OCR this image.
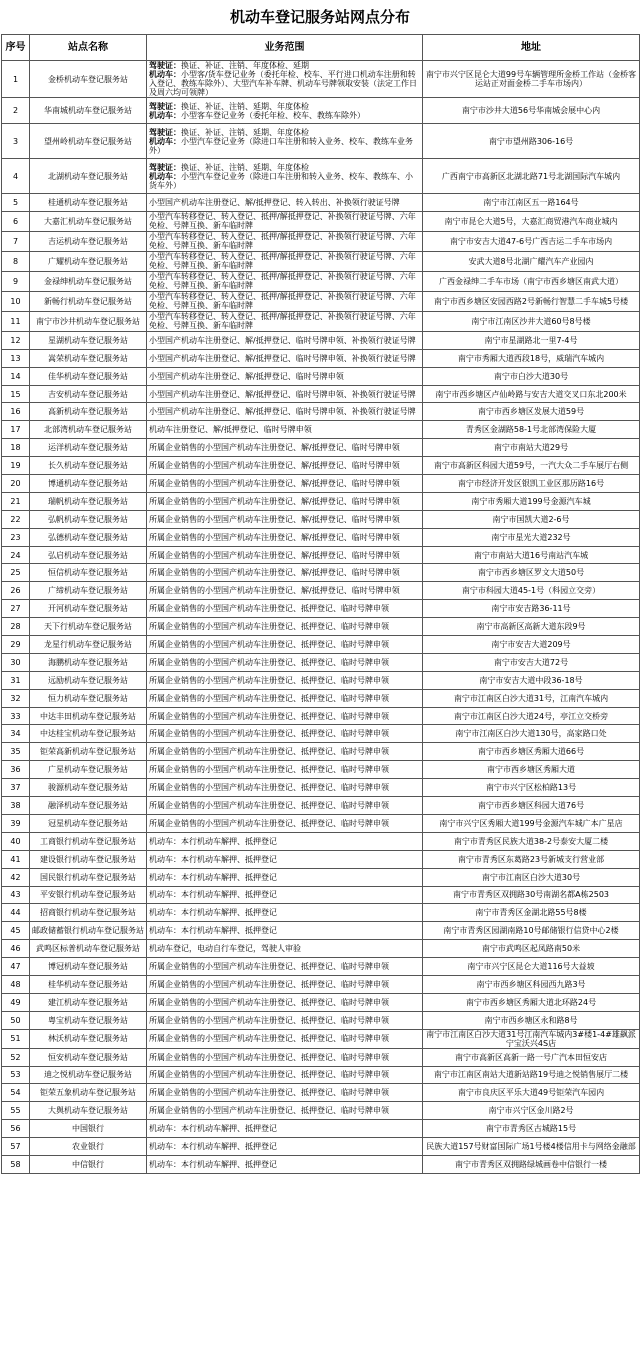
机动车登记服务站网点分布
序号	站点名称	业务范围	地址
1	金桥机动车登记服务站	驾驶证：换证、补证、注销、年度体检、延期
机动车：小型客/货车登记业务（委托年检、校车、平行进口机动车注册和转入登记、教练车除外）、大型汽车补车牌、机动车号牌领取安装（法定工作日及周六均可领牌）	南宁市兴宁区昆仑大道99号车辆管理所金桥工作站（金桥客运站正对面金桥二手车市场内）
2	华南城机动车登记服务站	驾驶证：换证、补证、注销、延期、年度体检
机动车：小型客车登记业务（委托年检、校车、教练车除外）	南宁市沙井大道56号华南城会展中心内
3	望州岭机动车登记服务站	驾驶证：换证、补证、注销、延期、年度体检
机动车：小型汽车登记业务（除进口车注册和转入业务、校车、教练车业务外）	南宁市望州路306-16号
4	北湖机动车登记服务站	驾驶证：换证、补证、注销、延期、年度体检
机动车：小型汽车登记业务（除进口车注册和转入业务、校车、教练车、小货车外）	广西南宁市高新区北湖北路71号北湖国际汽车城内
5	桂通机动车登记服务站	小型国产机动车注册登记、解/抵押登记、转入转出、补换领行驶证号牌	南宁市江南区五一路164号
6	大嘉汇机动车登记服务站	小型汽车转移登记、转入登记、抵押/解抵押登记、补换领行驶证号牌、六年免检、号牌互换、新车临时牌	南宁市昆仑大道5号，大嘉汇商贸港汽车商业城内
7	吉运机动车登记服务站	小型汽车转移登记、转入登记、抵押/解抵押登记、补换领行驶证号牌、六年免检、号牌互换、新车临时牌	南宁市安吉大道47-6号广西吉运二手车市场内
8	广耀机动车登记服务站	小型汽车转移登记、转入登记、抵押/解抵押登记、补换领行驶证号牌、六年免检、号牌互换、新车临时牌	安武大道8号北湖广耀汽车产业园内
9	金禄绅机动车登记服务站	小型汽车转移登记、转入登记、抵押/解抵押登记、补换领行驶证号牌、六年免检、号牌互换、新车临时牌	广西金禄绅二手车市场（南宁市西乡塘区南武大道）
10	新畅行机动车登记服务站	小型汽车转移登记、转入登记、抵押/解抵押登记、补换领行驶证号牌、六年免检、号牌互换、新车临时牌	南宁市西乡塘区安园西路2号新畅行智慧二手车城5号楼
11	南宁市沙井机动车登记服务站	小型汽车转移登记、转入登记、抵押/解抵押登记、补换领行驶证号牌、六年免检、号牌互换、新车临时牌	南宁市江南区沙井大道60号8号楼
12	星湖机动车登记服务站	小型国产机动车注册登记、解/抵押登记、临时号牌申领、补换领行驶证号牌	南宁市星湖路北一里7-4号
13	嵩荣机动车登记服务站	小型国产机动车注册登记、解/抵押登记、临时号牌申领、补换领行驶证号牌	南宁市秀厢大道西段18号，威瑞汽车城内
14	佳华机动车登记服务站	小型国产机动车注册登记、解/抵押登记、临时号牌申领	南宁市白沙大道30号
15	吉安机动车登记服务站	小型国产机动车注册登记、解/抵押登记、临时号牌申领、补换领行驶证号牌	南宁市西乡塘区卢仙岭路与安吉大道交叉口东北200米
16	高新机动车登记服务站	小型国产机动车注册登记、解/抵押登记、临时号牌申领、补换领行驶证号牌	南宁市西乡塘区发展大道59号
17	北部湾机动车登记服务站	机动车注册登记、解/抵押登记、临时号牌申领	青秀区金湖路58-1号北部湾保险大厦
18	运洋机动车登记服务站	所属企业销售的小型国产机动车注册登记、解/抵押登记、临时号牌申领	南宁市南站大道29号
19	长久机动车登记服务站	所属企业销售的小型国产机动车注册登记、解/抵押登记、临时号牌申领	南宁市高新区科园大道59号，一汽大众二手车展厅右侧
20	博通机动车登记服务站	所属企业销售的小型国产机动车注册登记、解/抵押登记、临时号牌申领	南宁市经济开发区银凯工业区那历路16号
21	瑞帆机动车登记服务站	所属企业销售的小型国产机动车注册登记、解/抵押登记、临时号牌申领	南宁市秀厢大道199号金源汽车城
22	弘帆机动车登记服务站	所属企业销售的小型国产机动车注册登记、解/抵押登记、临时号牌申领	南宁市国凯大道2-6号
23	弘德机动车登记服务站	所属企业销售的小型国产机动车注册登记、解/抵押登记、临时号牌申领	南宁市星光大道232号
24	弘启机动车登记服务站	所属企业销售的小型国产机动车注册登记、解/抵押登记、临时号牌申领	南宁市南站大道16号南站汽车城
25	恒信机动车登记服务站	所属企业销售的小型国产机动车注册登记、解/抵押登记、临时号牌申领	南宁市西乡塘区罗文大道50号
26	广缔机动车登记服务站	所属企业销售的小型国产机动车注册登记、解/抵押登记、临时号牌申领	南宁市科园大道45-1号（科园立交旁）
27	开河机动车登记服务站	所属企业销售的小型国产机动车注册登记、抵押登记、临时号牌申领	南宁市安吉路36-11号
28	天下行机动车登记服务站	所属企业销售的小型国产机动车注册登记、抵押登记、临时号牌申领	南宁市高新区高新大道东段9号
29	龙星行机动车登记服务站	所属企业销售的小型国产机动车注册登记、抵押登记、临时号牌申领	南宁市安吉大道209号
30	海鹏机动车登记服务站	所属企业销售的小型国产机动车注册登记、抵押登记、临时号牌申领	南宁市安吉大道72号
31	远励机动车登记服务站	所属企业销售的小型国产机动车注册登记、抵押登记、临时号牌申领	南宁市安吉大道中段36-18号
32	恒力机动车登记服务站	所属企业销售的小型国产机动车注册登记、抵押登记、临时号牌申领	南宁市江南区白沙大道31号，江南汽车城内
33	中达丰田机动车登记服务站	所属企业销售的小型国产机动车注册登记、抵押登记、临时号牌申领	南宁市江南区白沙大道24号，亭江立交桥旁
34	中达桂宝机动车登记服务站	所属企业销售的小型国产机动车注册登记、抵押登记、临时号牌申领	南宁市江南区白沙大道130号，高家路口处
35	钜荣高新机动车登记服务站	所属企业销售的小型国产机动车注册登记、抵押登记、临时号牌申领	南宁市西乡塘区秀厢大道66号
36	广星机动车登记服务站	所属企业销售的小型国产机动车注册登记、抵押登记、临时号牌申领	南宁市西乡塘区秀厢大道
37	骏源机动车登记服务站	所属企业销售的小型国产机动车注册登记、抵押登记、临时号牌申领	南宁市兴宁区松柏路13号
38	融泽机动车登记服务站	所属企业销售的小型国产机动车注册登记、抵押登记、临时号牌申领	南宁市西乡塘区科园大道76号
39	冠星机动车登记服务站	所属企业销售的小型国产机动车注册登记、抵押登记、临时号牌申领	南宁市兴宁区秀厢大道199号金源汽车城广本广星店
40	工商银行机动车登记服务站	机动车：本行机动车解押、抵押登记	南宁市青秀区民族大道38-2号泰安大厦二楼
41	建设银行机动车登记服务站	机动车：本行机动车解押、抵押登记	南宁市青秀区东葛路23号新城支行营业部
42	国民银行机动车登记服务站	机动车：本行机动车解押、抵押登记	南宁市江南区白沙大道30号
43	平安银行机动车登记服务站	机动车：本行机动车解押、抵押登记	南宁市青秀区双拥路30号南湖名都A栋2503
44	招商银行机动车登记服务站	机动车：本行机动车解押、抵押登记	南宁市青秀区金湖北路55号8楼
45	邮政储蓄银行机动车登记服务站	机动车：本行机动车解押、抵押登记	南宁市青秀区园湖南路10号邮储银行信贷中心2楼
46	武鸣区标普机动车登记服务站	机动车登记，电动自行车登记，驾驶人审验	南宁市武鸣区起凤路南50米
47	博冠机动车登记服务站	所属企业销售的小型国产机动车注册登记、抵押登记、临时号牌申领	南宁市兴宁区昆仑大道116号大益坡
48	桂华机动车登记服务站	所属企业销售的小型国产机动车注册登记、抵押登记、临时号牌申领	南宁市西乡塘区科园西九路3号
49	建江机动车登记服务站	所属企业销售的小型国产机动车注册登记、抵押登记、临时号牌申领	南宁市西乡塘区秀厢大道北环路24号
50	粤宝机动车登记服务站	所属企业销售的小型国产机动车注册登记、抵押登记、临时号牌申领	南宁市西乡塘区永和路8号
51	林沃机动车登记服务站	所属企业销售的小型国产机动车注册登记、抵押登记、临时号牌申领	南宁市江南区白沙大道31号江南汽车城内3#楼1-4#雄飙派宁宝沃兴4S店
52	恒安机动车登记服务站	所属企业销售的小型国产机动车注册登记、抵押登记、临时号牌申领	南宁市高新区高新一路一号广汽本田恒安店
53	迪之悦机动车登记服务站	所属企业销售的小型国产机动车注册登记、抵押登记、临时号牌申领	南宁市江南区南站大道新站路19号迪之悦销售展厅二楼
54	钜荣五象机动车登记服务站	所属企业销售的小型国产机动车注册登记、抵押登记、临时号牌申领	南宁市良庆区平乐大道49号钜荣汽车园内
55	大舆机动车登记服务站	所属企业销售的小型国产机动车注册登记、抵押登记、临时号牌申领	南宁市兴宁区金川路2号
56	中国银行	机动车：本行机动车解押、抵押登记	南宁市青秀区古城路15号
57	农业银行	机动车：本行机动车解押、抵押登记	民族大道157号财富国际广场1号楼4楼信用卡与网络金融部
58	中信银行	机动车：本行机动车解押、抵押登记	南宁市青秀区双拥路绿城画卷中信银行一楼
